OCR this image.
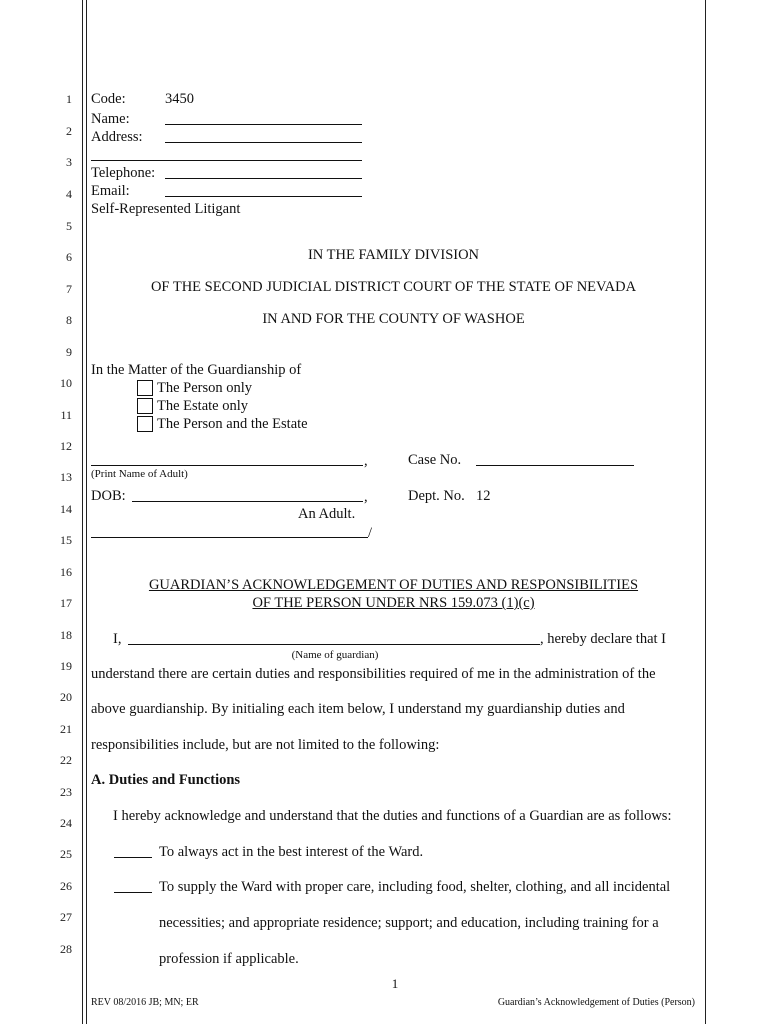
1
2
3
4
5
6
7
8
9
10
11
12
13
14
15
16
17
18
19
20
21
22
23
24
25
26
27
28
Code:	3450
Name:
Address:
Telephone:
Email:
Self-Represented Litigant
IN THE FAMILY DIVISION
OF THE SECOND JUDICIAL DISTRICT COURT OF THE STATE OF NEVADA
IN AND FOR THE COUNTY OF WASHOE
In the Matter of the Guardianship of
The Person only
The Estate only
The Person and the Estate
,
(Print Name of Adult)
Case No.
DOB:	,	Dept. No. 12
An Adult.
/
GUARDIAN’S ACKNOWLEDGEMENT OF DUTIES AND RESPONSIBILITIES
OF THE PERSON UNDER NRS 159.073 (1)(c)
I,	, hereby declare that I
(Name of guardian)
understand there are certain duties and responsibilities required of me in the administration of the
above guardianship. By initialing each item below, I understand my guardianship duties and
responsibilities include, but are not limited to the following:
A. Duties and Functions
I hereby acknowledge and understand that the duties and functions of a Guardian are as follows:
To always act in the best interest of the Ward.
To supply the Ward with proper care, including food, shelter, clothing, and all incidental
necessities; and appropriate residence; support; and education, including training for a
profession if applicable.
1
REV 08/2016 JB; MN; ER	Guardian’s Acknowledgement of Duties (Person)
